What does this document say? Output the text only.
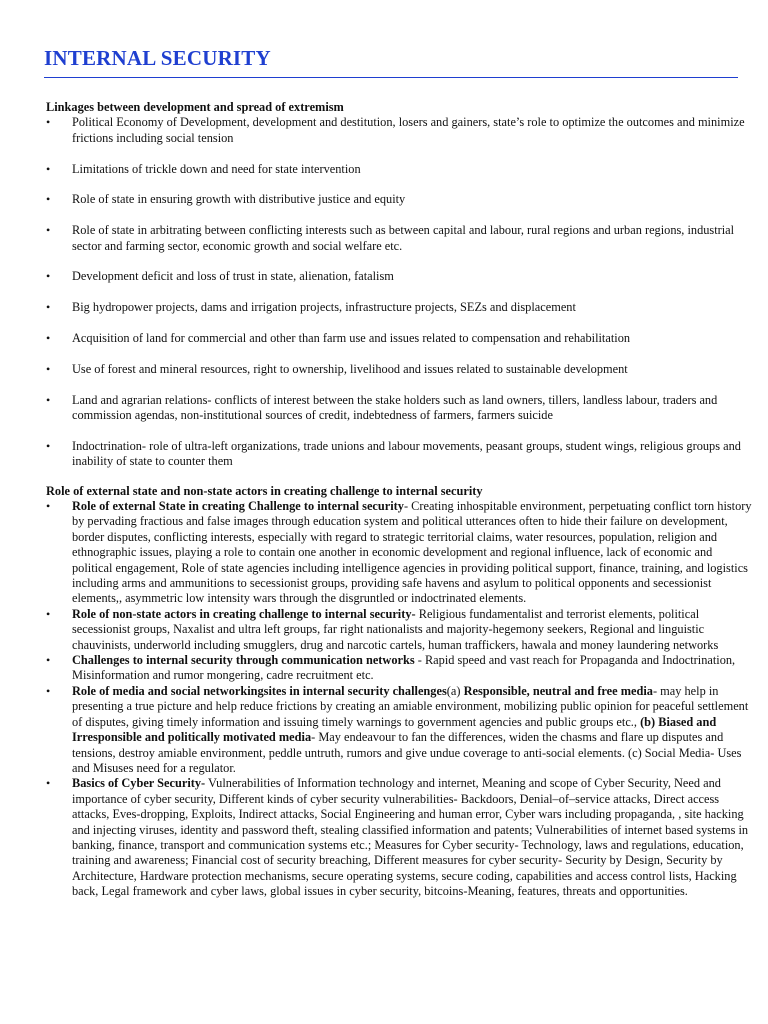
INTERNAL SECURITY

Linkages between development and spread of extremism

• Political Economy of Development, development and destitution, losers and gainers, state’s role to optimize the outcomes and minimize frictions including social tension
• Limitations of trickle down and need for state intervention
• Role of state in ensuring growth with distributive justice and equity
• Role of state in arbitrating between conflicting interests such as between capital and labour, rural regions and urban regions, industrial sector and farming sector, economic growth and social welfare etc.
• Development deficit and loss of trust in state, alienation, fatalism
• Big hydropower projects, dams and irrigation projects, infrastructure projects, SEZs and displacement
• Acquisition of land for commercial and other than farm use and issues related to compensation and rehabilitation
• Use of forest and mineral resources, right to ownership, livelihood and issues related to sustainable development
• Land and agrarian relations- conflicts of interest between the stake holders such as land owners, tillers, landless labour, traders and commission agendas, non-institutional sources of credit, indebtedness of farmers, farmers suicide
• Indoctrination- role of ultra-left organizations, trade unions and labour movements, peasant groups, student wings, religious groups and inability of state to counter them

Role of external state and non-state actors in creating challenge to internal security

• Role of external State in creating Challenge to internal security- Creating inhospitable environment, perpetuating conflict torn history by pervading fractious and false images through education system and political utterances often to hide their failure on development, border disputes, conflicting interests, especially with regard to strategic territorial claims, water resources, population, religion and ethnographic issues, playing a role to contain one another in economic development and regional influence, lack of economic and political engagement, Role of state agencies including intelligence agencies in providing political support, finance, training, and logistics including arms and ammunitions to secessionist groups, providing safe havens and asylum to political opponents and secessionist elements,, asymmetric low intensity wars through the disgruntled or indoctrinated elements.
• Role of non-state actors in creating challenge to internal security- Religious fundamentalist and terrorist elements, political secessionist groups, Naxalist and ultra left groups, far right nationalists and majority-hegemony seekers, Regional and linguistic chauvinists, underworld including smugglers, drug and narcotic cartels, human traffickers, hawala and money laundering networks
• Challenges to internal security through communication networks - Rapid speed and vast reach for Propaganda and Indoctrination, Misinformation and rumor mongering, cadre recruitment etc.
• Role of media and social networkingsites in internal security challenges(a) Responsible, neutral and free media- may help in presenting a true picture and help reduce frictions by creating an amiable environment, mobilizing public opinion for peaceful settlement of disputes, giving timely information and issuing timely warnings to government agencies and public groups etc., (b) Biased and Irresponsible and politically motivated media- May endeavour to fan the differences, widen the chasms and flare up disputes and tensions, destroy amiable environment, peddle untruth, rumors and give undue coverage to anti-social elements. (c) Social Media- Uses and Misuses need for a regulator.
• Basics of Cyber Security- Vulnerabilities of Information technology and internet, Meaning and scope of Cyber Security, Need and importance of cyber security, Different kinds of cyber security vulnerabilities- Backdoors, Denial–of–service attacks, Direct access attacks, Eves-dropping, Exploits, Indirect attacks, Social Engineering and human error, Cyber wars including propaganda, , site hacking and injecting viruses, identity and password theft, stealing classified information and patents; Vulnerabilities of internet based systems in banking, finance, transport and communication systems etc.; Measures for Cyber security- Technology, laws and regulations, education, training and awareness; Financial cost of security breaching, Different measures for cyber security- Security by Design, Security by Architecture, Hardware protection mechanisms, secure operating systems, secure coding, capabilities and access control lists, Hacking back, Legal framework and cyber laws, global issues in cyber security, bitcoins-Meaning, features, threats and opportunities.
